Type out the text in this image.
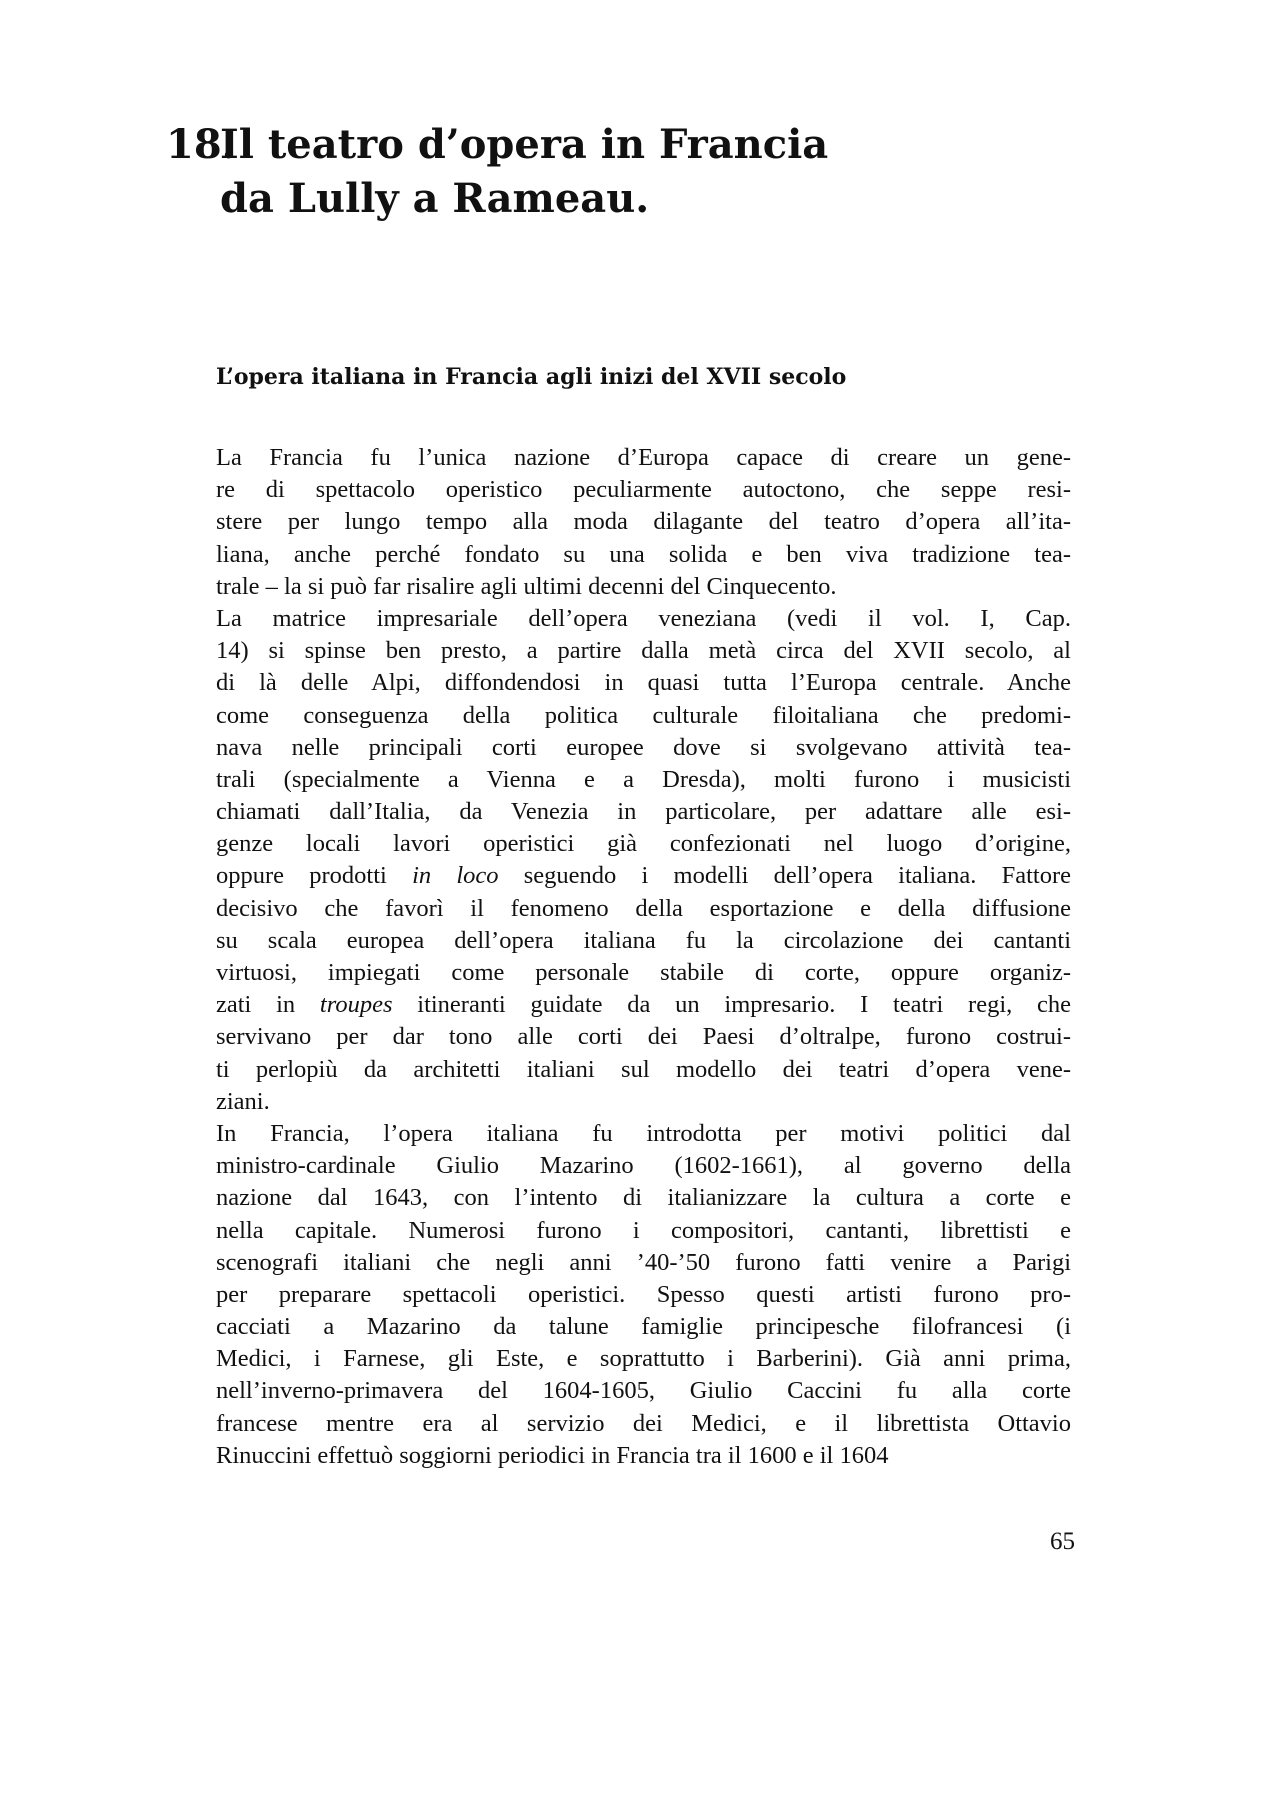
18.Il teatro d’opera in Francia
da Lully a Rameau.
L’opera italiana in Francia agli inizi del XVII secolo
La Francia fu l’unica nazione d’Europa capace di creare un gene-
re di spettacolo operistico peculiarmente autoctono, che seppe resi-
stere per lungo tempo alla moda dilagante del teatro d’opera all’ita-
liana, anche perché fondato su una solida e ben viva tradizione tea-
trale – la si può far risalire agli ultimi decenni del Cinquecento.
La matrice impresariale dell’opera veneziana (vedi il vol. I, Cap.
14) si spinse ben presto, a partire dalla metà circa del XVII secolo, al
di là delle Alpi, diffondendosi in quasi tutta l’Europa centrale. Anche
come conseguenza della politica culturale filoitaliana che predomi-
nava nelle principali corti europee dove si svolgevano attività tea-
trali (specialmente a Vienna e a Dresda), molti furono i musicisti
chiamati dall’Italia, da Venezia in particolare, per adattare alle esi-
genze locali lavori operistici già confezionati nel luogo d’origine,
oppure prodotti in loco seguendo i modelli dell’opera italiana. Fattore
decisivo che favorì il fenomeno della esportazione e della diffusione
su scala europea dell’opera italiana fu la circolazione dei cantanti
virtuosi, impiegati come personale stabile di corte, oppure organiz-
zati in troupes itineranti guidate da un impresario. I teatri regi, che
servivano per dar tono alle corti dei Paesi d’oltralpe, furono costrui-
ti perlopiù da architetti italiani sul modello dei teatri d’opera vene-
ziani.
In Francia, l’opera italiana fu introdotta per motivi politici dal
ministro-cardinale Giulio Mazarino (1602-1661), al governo della
nazione dal 1643, con l’intento di italianizzare la cultura a corte e
nella capitale. Numerosi furono i compositori, cantanti, librettisti e
scenografi italiani che negli anni ’40-’50 furono fatti venire a Parigi
per preparare spettacoli operistici. Spesso questi artisti furono pro-
cacciati a Mazarino da talune famiglie principesche filofrancesi (i
Medici, i Farnese, gli Este, e soprattutto i Barberini). Già anni prima,
nell’inverno-primavera del 1604-1605, Giulio Caccini fu alla corte
francese mentre era al servizio dei Medici, e il librettista Ottavio
Rinuccini effettuò soggiorni periodici in Francia tra il 1600 e il 1604

65
